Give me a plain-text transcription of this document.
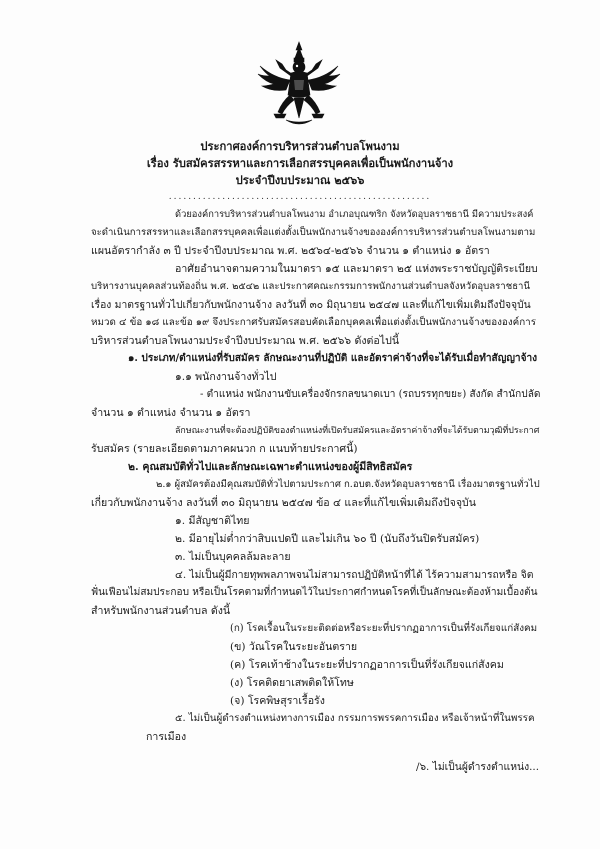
ประกาศองค์การบริหารส่วนตำบลโพนงาม
เรื่อง รับสมัครสรรหาและการเลือกสรรบุคคลเพื่อเป็นพนักงานจ้าง
ประจำปีงบประมาณ ๒๕๖๖
......................................................
ด้วยองค์การบริหารส่วนตำบลโพนงาม อำเภอบุณฑริก จังหวัดอุบลราชธานี มีความประสงค์
จะดำเนินการสรรหาและเลือกสรรบุคคลเพื่อแต่งตั้งเป็นพนักงานจ้างขององค์การบริหารส่วนตำบลโพนงามตาม
แผนอัตรากำลัง ๓ ปี ประจำปีงบประมาณ พ.ศ. ๒๕๖๔-๒๕๖๖ จำนวน ๑ ตำแหน่ง ๑ อัตรา
อาศัยอำนาจตามความในมาตรา ๑๕ และมาตรา ๒๕ แห่งพระราชบัญญัติระเบียบ
บริหารงานบุคคลส่วนท้องถิ่น พ.ศ. ๒๕๔๒ และประกาศคณะกรรมการพนักงานส่วนตำบลจังหวัดอุบลราชธานี
เรื่อง มาตรฐานทั่วไปเกี่ยวกับพนักงานจ้าง ลงวันที่ ๓๐ มิถุนายน ๒๕๔๗ และที่แก้ไขเพิ่มเติมถึงปัจจุบัน
หมวด ๔ ข้อ ๑๘ และข้อ ๑๙ จึงประกาศรับสมัครสอบคัดเลือกบุคคลเพื่อแต่งตั้งเป็นพนักงานจ้างขององค์การ
บริหารส่วนตำบลโพนงามประจำปีงบประมาณ พ.ศ. ๒๕๖๖ ดังต่อไปนี้
๑. ประเภท/ตำแหน่งที่รับสมัคร ลักษณะงานที่ปฏิบัติ และอัตราค่าจ้างที่จะได้รับเมื่อทำสัญญาจ้าง
๑.๑ พนักงานจ้างทั่วไป
- ตำแหน่ง พนักงานขับเครื่องจักรกลขนาดเบา (รถบรรทุกขยะ) สังกัด สำนักปลัด
จำนวน ๑ ตำแหน่ง จำนวน ๑ อัตรา
ลักษณะงานที่จะต้องปฏิบัติของตำแหน่งที่เปิดรับสมัครและอัตราค่าจ้างที่จะได้รับตามวุฒิที่ประกาศ
รับสมัคร (รายละเอียดตามภาคผนวก ก แนบท้ายประกาศนี้)
๒. คุณสมบัติทั่วไปและลักษณะเฉพาะตำแหน่งของผู้มีสิทธิสมัคร
๒.๑ ผู้สมัครต้องมีคุณสมบัติทั่วไปตามประกาศ ก.อบต.จังหวัดอุบลราชธานี เรื่องมาตรฐานทั่วไป
เกี่ยวกับพนักงานจ้าง ลงวันที่ ๓๐ มิถุนายน ๒๕๔๗ ข้อ ๔ และที่แก้ไขเพิ่มเติมถึงปัจจุบัน
๑. มีสัญชาติไทย
๒. มีอายุไม่ต่ำกว่าสิบแปดปี และไม่เกิน ๖๐ ปี (นับถึงวันปิดรับสมัคร)
๓. ไม่เป็นบุคคลล้มละลาย
๔. ไม่เป็นผู้มีกายทุพพลภาพจนไม่สามารถปฏิบัติหน้าที่ได้ ไร้ความสามารถหรือ จิต
ฟั่นเฟือนไม่สมประกอบ หรือเป็นโรคตามที่กำหนดไว้ในประกาศกำหนดโรคที่เป็นลักษณะต้องห้ามเบื้องต้น
สำหรับพนักงานส่วนตำบล ดังนี้
(ก) โรคเรื้อนในระยะติดต่อหรือระยะที่ปรากฏอาการเป็นที่รังเกียจแก่สังคม
(ข) วัณโรคในระยะอันตราย
(ค) โรคเท้าช้างในระยะที่ปรากฏอาการเป็นที่รังเกียจแก่สังคม
(ง) โรคติดยาเสพติดให้โทษ
(จ) โรคพิษสุราเรื้อรัง
๕. ไม่เป็นผู้ดำรงตำแหน่งทางการเมือง กรรมการพรรคการเมือง หรือเจ้าหน้าที่ในพรรค
การเมือง
/๖. ไม่เป็นผู้ดำรงตำแหน่ง...
